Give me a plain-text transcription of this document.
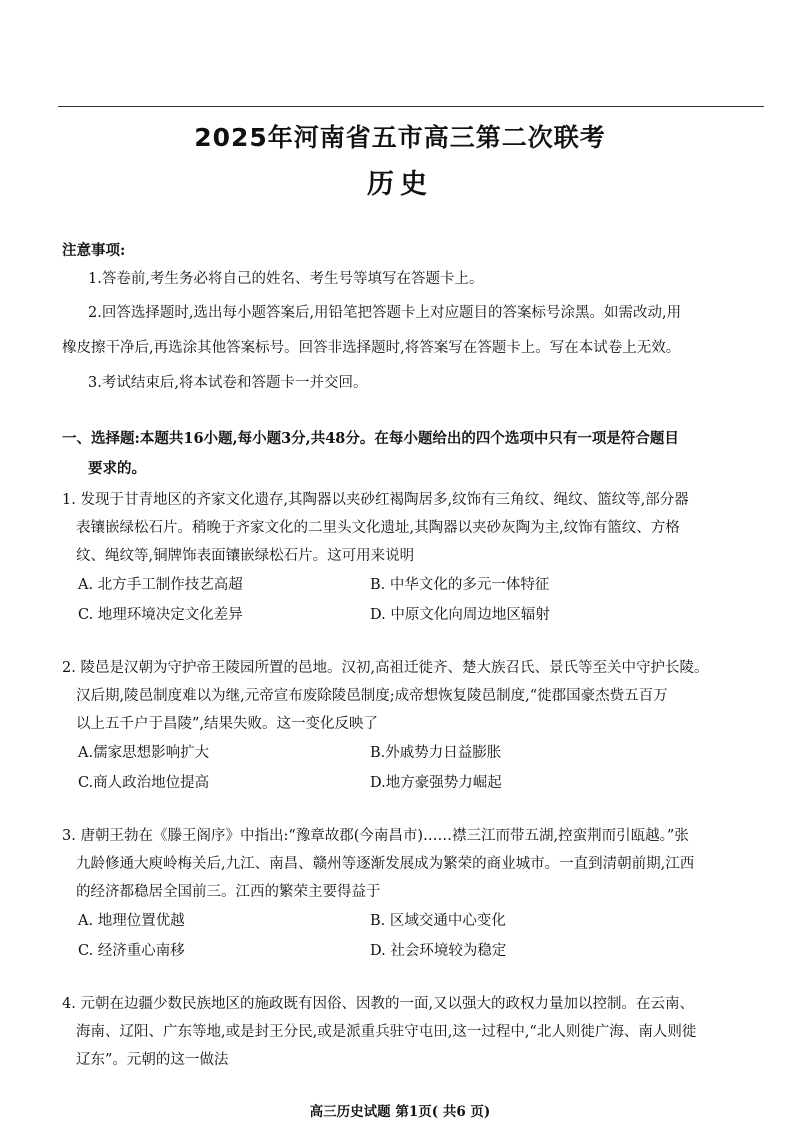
2025年河南省五市高三第二次联考
历史
注意事项:
1.答卷前,考生务必将自己的姓名、考生号等填写在答题卡上。
2.回答选择题时,选出每小题答案后,用铅笔把答题卡上对应题目的答案标号涂黑。如需改动,用
橡皮擦干净后,再选涂其他答案标号。回答非选择题时,将答案写在答题卡上。写在本试卷上无效。
3.考试结束后,将本试卷和答题卡一并交回。
一、选择题:本题共16小题,每小题3分,共48分。在每小题给出的四个选项中只有一项是符合题目
要求的。
1. 发现于甘青地区的齐家文化遗存,其陶器以夹砂红褐陶居多,纹饰有三角纹、绳纹、篮纹等,部分器
表镶嵌绿松石片。稍晚于齐家文化的二里头文化遗址,其陶器以夹砂灰陶为主,纹饰有篮纹、方格
纹、绳纹等,铜牌饰表面镶嵌绿松石片。这可用来说明
A. 北方手工制作技艺高超	B. 中华文化的多元一体特征
C. 地理环境决定文化差异	D. 中原文化向周边地区辐射
2. 陵邑是汉朝为守护帝王陵园所置的邑地。汉初,高祖迁徙齐、楚大族召氏、景氏等至关中守护长陵。
汉后期,陵邑制度难以为继,元帝宣布废除陵邑制度;成帝想恢复陵邑制度,“徙郡国豪杰赀五百万
以上五千户于昌陵”,结果失败。这一变化反映了
A.儒家思想影响扩大	B.外戚势力日益膨胀
C.商人政治地位提高	D.地方豪强势力崛起
3. 唐朝王勃在《滕王阁序》中指出:“豫章故郡(今南昌市)……襟三江而带五湖,控蛮荆而引瓯越。”张
九龄修通大庾岭梅关后,九江、南昌、赣州等逐渐发展成为繁荣的商业城市。一直到清朝前期,江西
的经济都稳居全国前三。江西的繁荣主要得益于
A. 地理位置优越	B. 区域交通中心变化
C. 经济重心南移	D. 社会环境较为稳定
4. 元朝在边疆少数民族地区的施政既有因俗、因教的一面,又以强大的政权力量加以控制。在云南、
海南、辽阳、广东等地,或是封王分民,或是派重兵驻守屯田,这一过程中,“北人则徙广海、南人则徙
辽东”。元朝的这一做法
高三历史试题 第1页( 共6 页)
